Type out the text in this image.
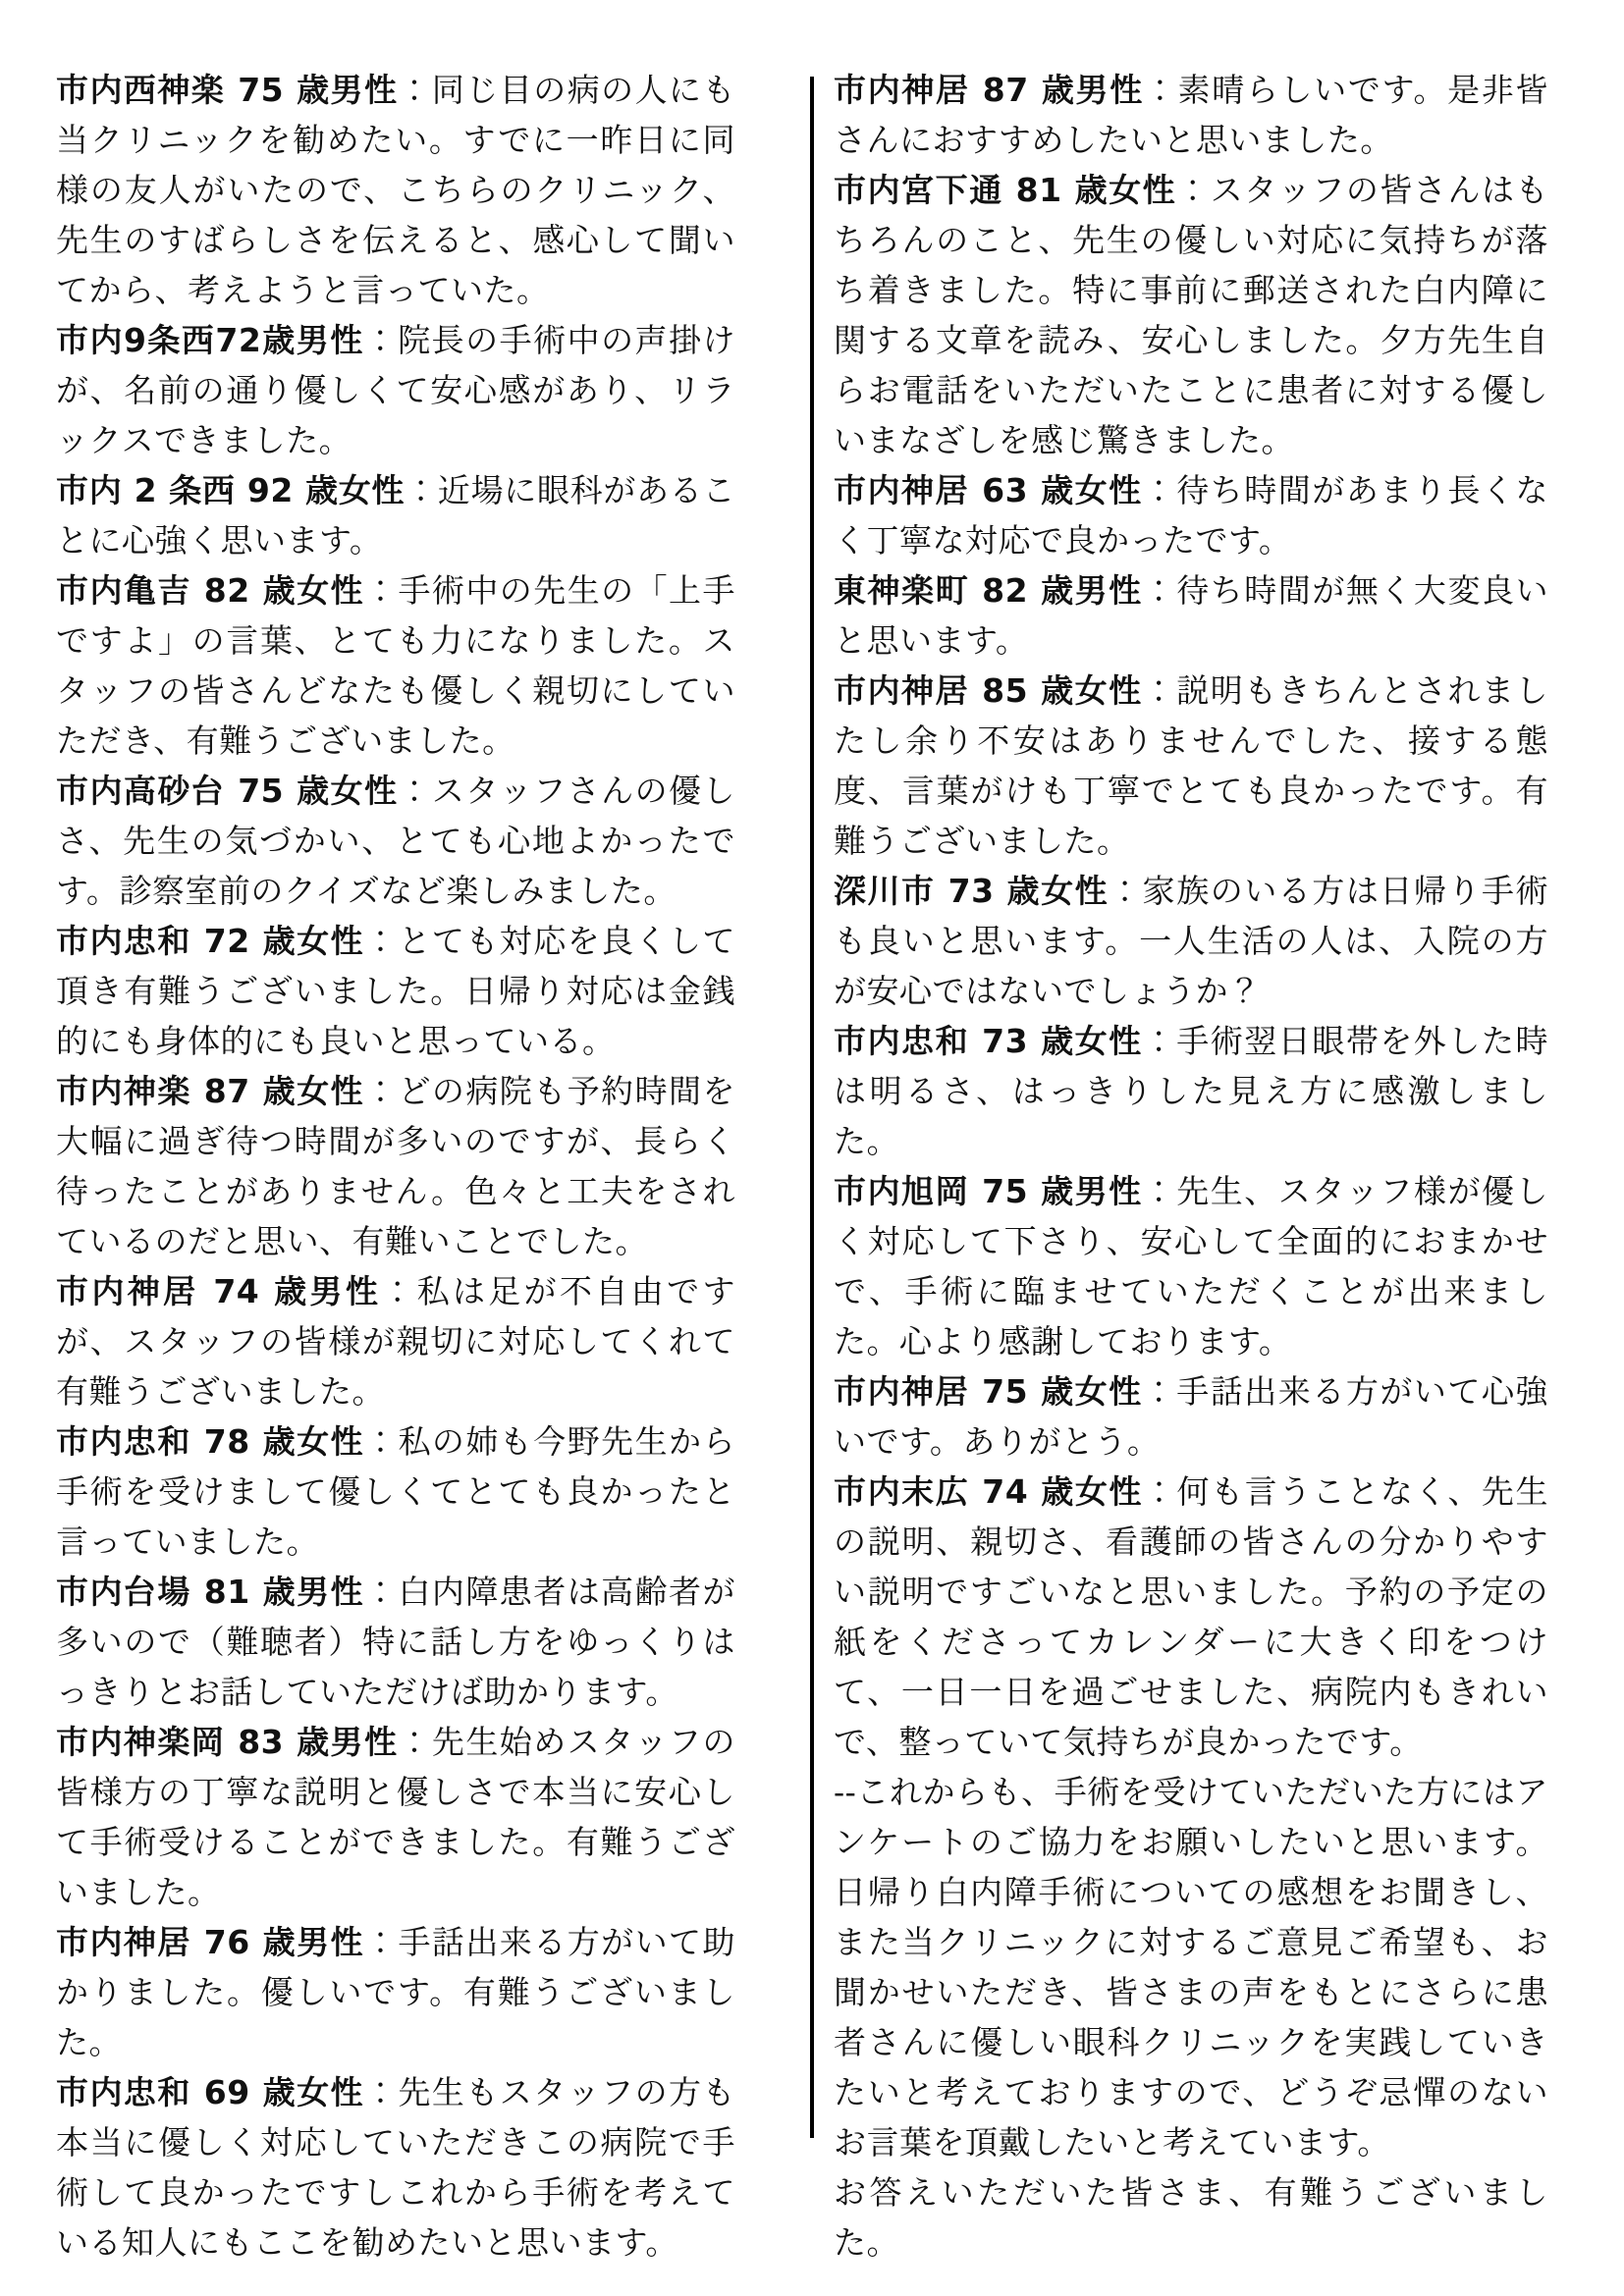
市内西神楽 75 歳男性：同じ目の病の人にも当クリニックを勧めたい。すでに一昨日に同様の友人がいたので、こちらのクリニック、先生のすばらしさを伝えると、感心して聞いてから、考えようと言っていた。

市内9条西72歳男性：院長の手術中の声掛けが、名前の通り優しくて安心感があり、リラックスできました。

市内 2 条西 92 歳女性：近場に眼科があることに心強く思います。

市内亀吉 82 歳女性：手術中の先生の「上手ですよ」の言葉、とても力になりました。スタッフの皆さんどなたも優しく親切にしていただき、有難うございました。

市内高砂台 75 歳女性：スタッフさんの優しさ、先生の気づかい、とても心地よかったです。診察室前のクイズなど楽しみました。

市内忠和 72 歳女性：とても対応を良くして頂き有難うございました。日帰り対応は金銭的にも身体的にも良いと思っている。

市内神楽 87 歳女性：どの病院も予約時間を大幅に過ぎ待つ時間が多いのですが、長らく待ったことがありません。色々と工夫をされているのだと思い、有難いことでした。

市内神居 74 歳男性：私は足が不自由ですが、スタッフの皆様が親切に対応してくれて有難うございました。

市内忠和 78 歳女性：私の姉も今野先生から手術を受けまして優しくてとても良かったと言っていました。

市内台場 81 歳男性：白内障患者は高齢者が多いので（難聴者）特に話し方をゆっくりはっきりとお話していただけば助かります。

市内神楽岡 83 歳男性：先生始めスタッフの皆様方の丁寧な説明と優しさで本当に安心して手術受けることができました。有難うございました。

市内神居 76 歳男性：手話出来る方がいて助かりました。優しいです。有難うございました。

市内忠和 69 歳女性：先生もスタッフの方も本当に優しく対応していただきこの病院で手術して良かったですしこれから手術を考えている知人にもここを勧めたいと思います。

市内神居 87 歳男性：素晴らしいです。是非皆さんにおすすめしたいと思いました。

市内宮下通 81 歳女性：スタッフの皆さんはもちろんのこと、先生の優しい対応に気持ちが落ち着きました。特に事前に郵送された白内障に関する文章を読み、安心しました。夕方先生自らお電話をいただいたことに患者に対する優しいまなざしを感じ驚きました。

市内神居 63 歳女性：待ち時間があまり長くなく丁寧な対応で良かったです。

東神楽町 82 歳男性：待ち時間が無く大変良いと思います。

市内神居 85 歳女性：説明もきちんとされましたし余り不安はありませんでした、接する態度、言葉がけも丁寧でとても良かったです。有難うございました。

深川市 73 歳女性：家族のいる方は日帰り手術も良いと思います。一人生活の人は、入院の方が安心ではないでしょうか？

市内忠和 73 歳女性：手術翌日眼帯を外した時は明るさ、はっきりした見え方に感激しました。

市内旭岡 75 歳男性：先生、スタッフ様が優しく対応して下さり、安心して全面的におまかせで、手術に臨ませていただくことが出来ました。心より感謝しております。

市内神居 75 歳女性：手話出来る方がいて心強いです。ありがとう。

市内末広 74 歳女性：何も言うことなく、先生の説明、親切さ、看護師の皆さんの分かりやすい説明ですごいなと思いました。予約の予定の紙をくださってカレンダーに大きく印をつけて、一日一日を過ごせました、病院内もきれいで、整っていて気持ちが良かったです。

--これからも、手術を受けていただいた方にはアンケートのご協力をお願いしたいと思います。日帰り白内障手術についての感想をお聞きし、また当クリニックに対するご意見ご希望も、お聞かせいただき、皆さまの声をもとにさらに患者さんに優しい眼科クリニックを実践していきたいと考えておりますので、どうぞ忌憚のないお言葉を頂戴したいと考えています。

お答えいただいた皆さま、有難うございました。
